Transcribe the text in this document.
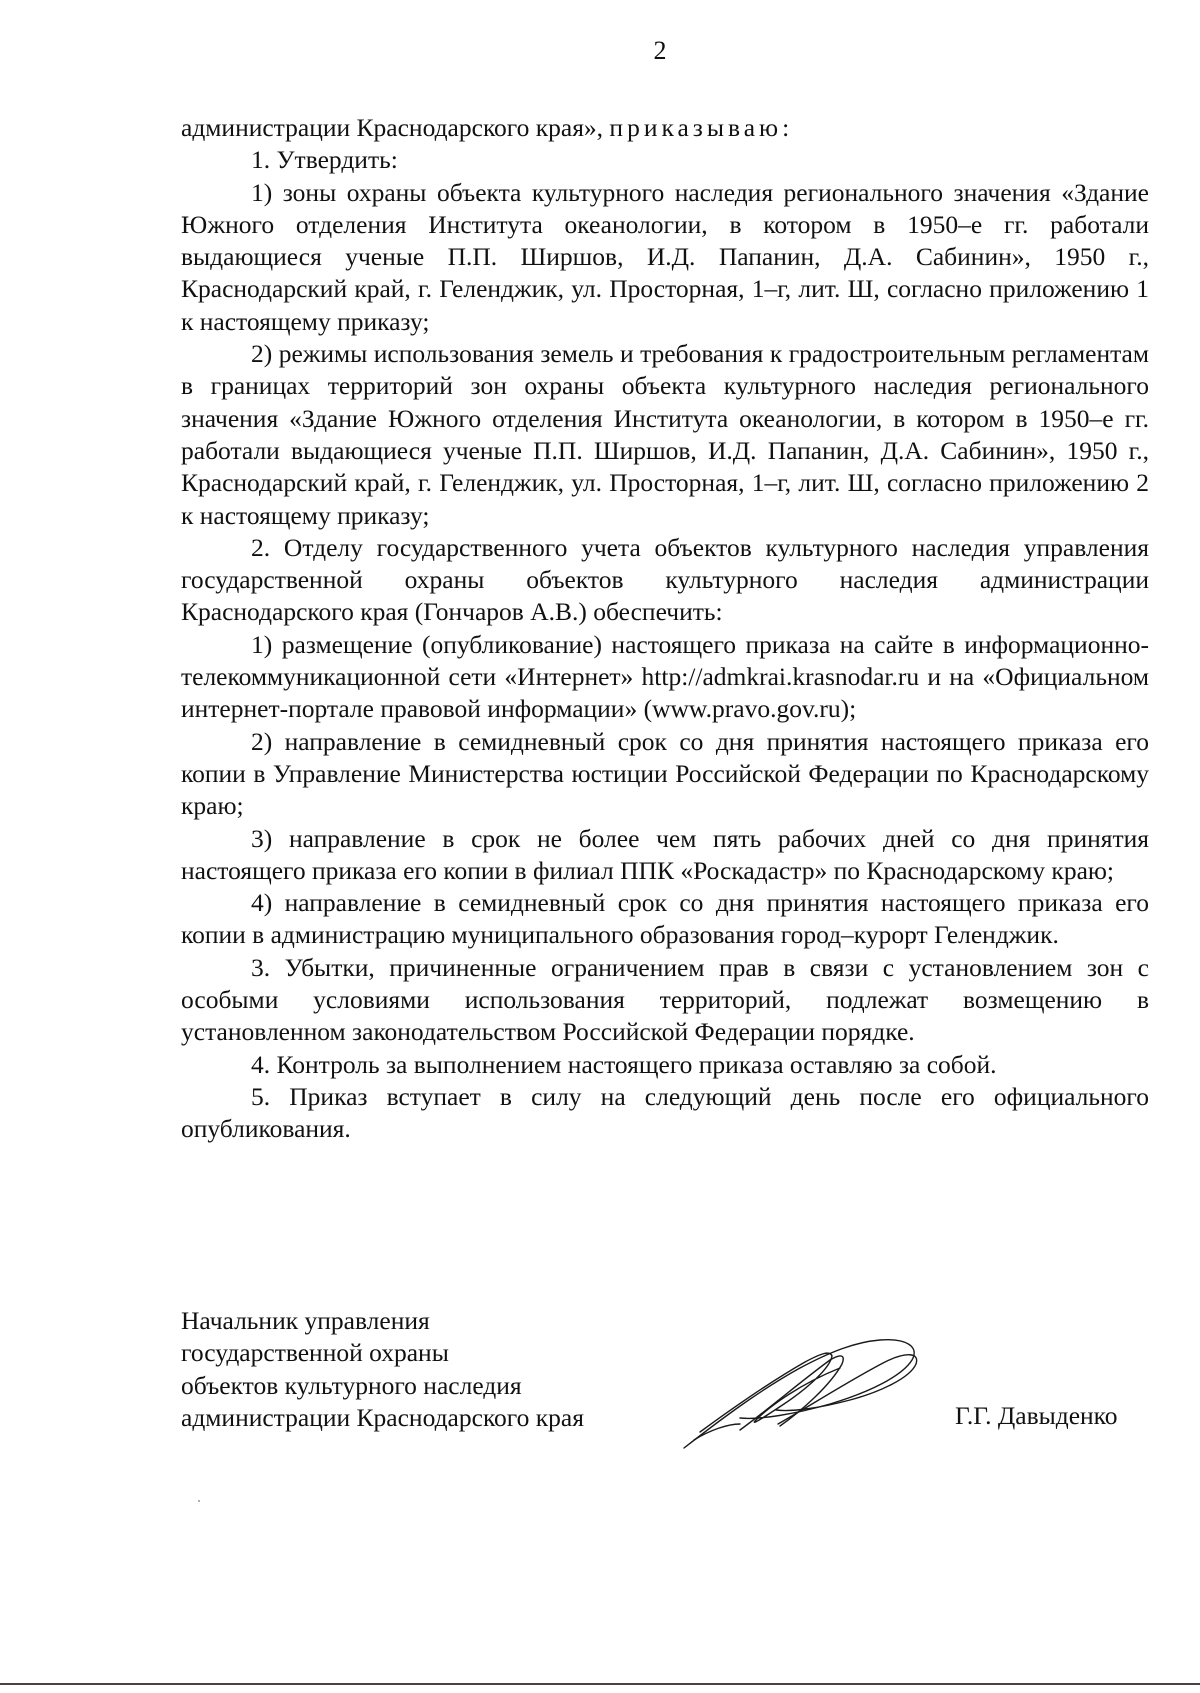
2

администрации Краснодарского края», приказываю:

1. Утвердить:

1) зоны охраны объекта культурного наследия регионального значения «Здание Южного отделения Института океанологии, в котором в 1950–е гг. работали выдающиеся ученые П.П. Ширшов, И.Д. Папанин, Д.А. Сабинин», 1950 г., Краснодарский край, г. Геленджик, ул. Просторная, 1–г, лит. Ш, согласно приложению 1 к настоящему приказу;

2) режимы использования земель и требования к градостроительным регламентам в границах территорий зон охраны объекта культурного наследия регионального значения «Здание Южного отделения Института океанологии, в котором в 1950–е гг. работали выдающиеся ученые П.П. Ширшов, И.Д. Папанин, Д.А. Сабинин», 1950 г., Краснодарский край, г. Геленджик, ул. Просторная, 1–г, лит. Ш, согласно приложению 2 к настоящему приказу;

2. Отделу государственного учета объектов культурного наследия управления государственной охраны объектов культурного наследия администрации Краснодарского края (Гончаров А.В.) обеспечить:

1) размещение (опубликование) настоящего приказа на сайте в информационно-телекоммуникационной сети «Интернет» http://admkrai.krasnodar.ru и на «Официальном интернет-портале правовой информации» (www.pravo.gov.ru);

2) направление в семидневный срок со дня принятия настоящего приказа его копии в Управление Министерства юстиции Российской Федерации по Краснодарскому краю;

3) направление в срок не более чем пять рабочих дней со дня принятия настоящего приказа его копии в филиал ППК «Роскадастр» по Краснодарскому краю;

4) направление в семидневный срок со дня принятия настоящего приказа его копии в администрацию муниципального образования город–курорт Геленджик.

3. Убытки, причиненные ограничением прав в связи с установлением зон с особыми условиями использования территорий, подлежат возмещению в установленном законодательством Российской Федерации порядке.

4. Контроль за выполнением настоящего приказа оставляю за собой.

5. Приказ вступает в силу на следующий день после его официального опубликования.

Начальник управления
государственной охраны
объектов культурного наследия
администрации Краснодарского края	Г.Г. Давыденко
